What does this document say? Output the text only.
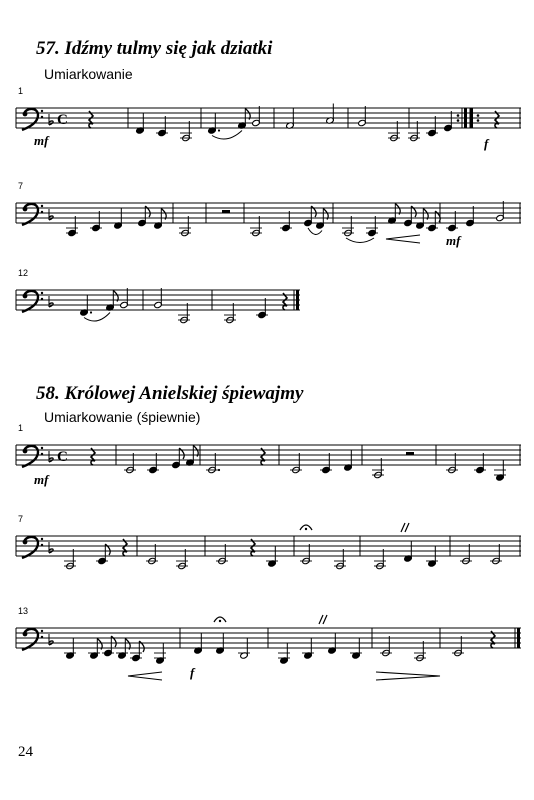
57. Idźmy tulmy się jak dziatki
Umiarkowanie
1
C
mf	f
7
mf
12
58. Królowej Anielskiej śpiewajmy
Umiarkowanie (śpiewnie)
1
C
mf
7
13
f
24
